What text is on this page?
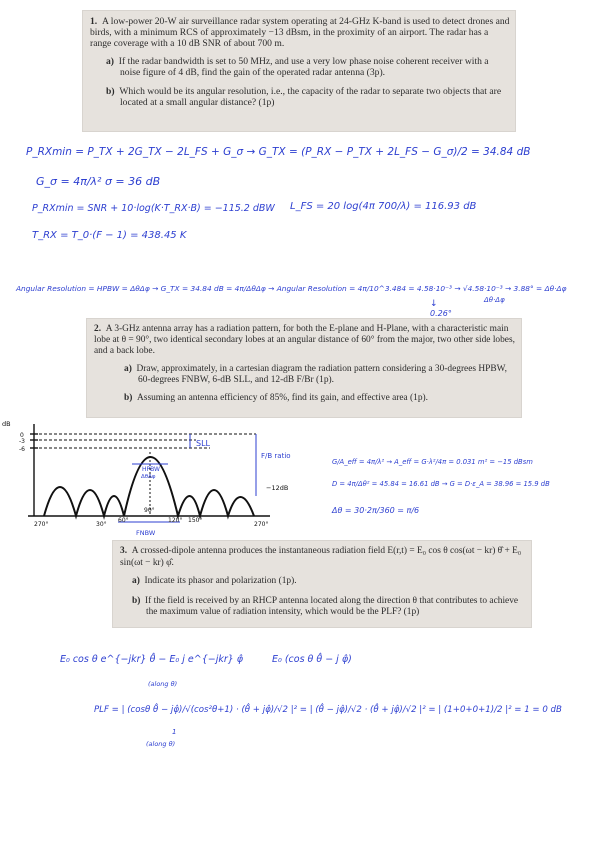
1. A low-power 20-W air surveillance radar system operating at 24-GHz K-band is used to detect drones and birds, with a minimum RCS of approximately −13 dBsm, in the proximity of an airport. The radar has a range coverage with a 10 dB SNR of about 700 m.

a) If the radar bandwidth is set to 50 MHz, and use a very low phase noise coherent receiver with a noise figure of 4 dB, find the gain of the operated radar antenna (3p).

b) Which would be its angular resolution, i.e., the capacity of the radar to separate two objects that are located at a small angular distance? (1p)

P_RXmin = P_TX + 2G_TX − 2L_FS + G_σ → G_TX = (P_RX − P_TX + 2L_FS − G_σ)/2 = 34.84 dB
G_σ = 4π/λ² σ = 36 dB
P_RXmin = SNR + 10·log(K·T_RX·B) = −115.2 dBW L_FS = 20 log(4π 700/λ) = 116.93 dB
T_RX = T_0·(F − 1) = 438.45 K
Angular Resolution = HPBW = ΔθΔφ → G_TX = 34.84 dB = 4π/ΔθΔφ → Angular Resolution = 4π/10^3.484 = 4.58·10⁻³ → √4.58·10⁻³ → 3.88° = Δθ·Δφ
Δθ·Δφ
↓
0.26°

2. A 3-GHz antenna array has a radiation pattern, for both the E-plane and H-Plane, with a characteristic main lobe at θ = 90°, two identical secondary lobes at an angular distance of 60° from the major, two other side lobes, and a back lobe.

a) Draw, approximately, in a cartesian diagram the radiation pattern considering a 30-degrees HPBW, 60-degrees FNBW, 6-dB SLL, and 12-dB F/Br (1p).

b) Assuming an antenna efficiency of 85%, find its gain, and effective area (1p).

dB
0
-3
-6
SLL
HPBW
ΔθΔφ
F/B ratio
−12dB
90°
FNBW
270°	30°
60°	120° 150°
270°
G/A_eff = 4π/λ² → A_eff = G·λ²/4π = 0.031 m² = −15 dBsm
D = 4π/Δθ² = 45.84 = 16.61 dB → G = D·ε_A = 38.96 = 15.9 dB
Δθ = 30·2π/360 = π/6

3. A crossed-dipole antenna produces the instantaneous radiation field E(r,t) = E₀ cos θ cos(ωt − kr) θ̂ + E₀ sin(ωt − kr) φ̂.

a) Indicate its phasor and polarization (1p).

b) If the field is received by an RHCP antenna located along the direction θ that contributes to achieve the maximum value of radiation intensity, which would be the PLF? (1p)

E₀ cos θ e^{−jkr} θ̂ − E₀ j e^{−jkr} φ̂	E₀ (cos θ θ̂ − j φ̂)
(along θ)
1
(along θ)
PLF = | (cosθ θ̂ − jφ̂)/√(cos²θ+1) · (θ̂ + jφ̂)/√2 |² = | (θ̂ − jφ̂)/√2 · (θ̂ + jφ̂)/√2 |² = | (1+0+0+1)/2 |² = 1 = 0 dB
